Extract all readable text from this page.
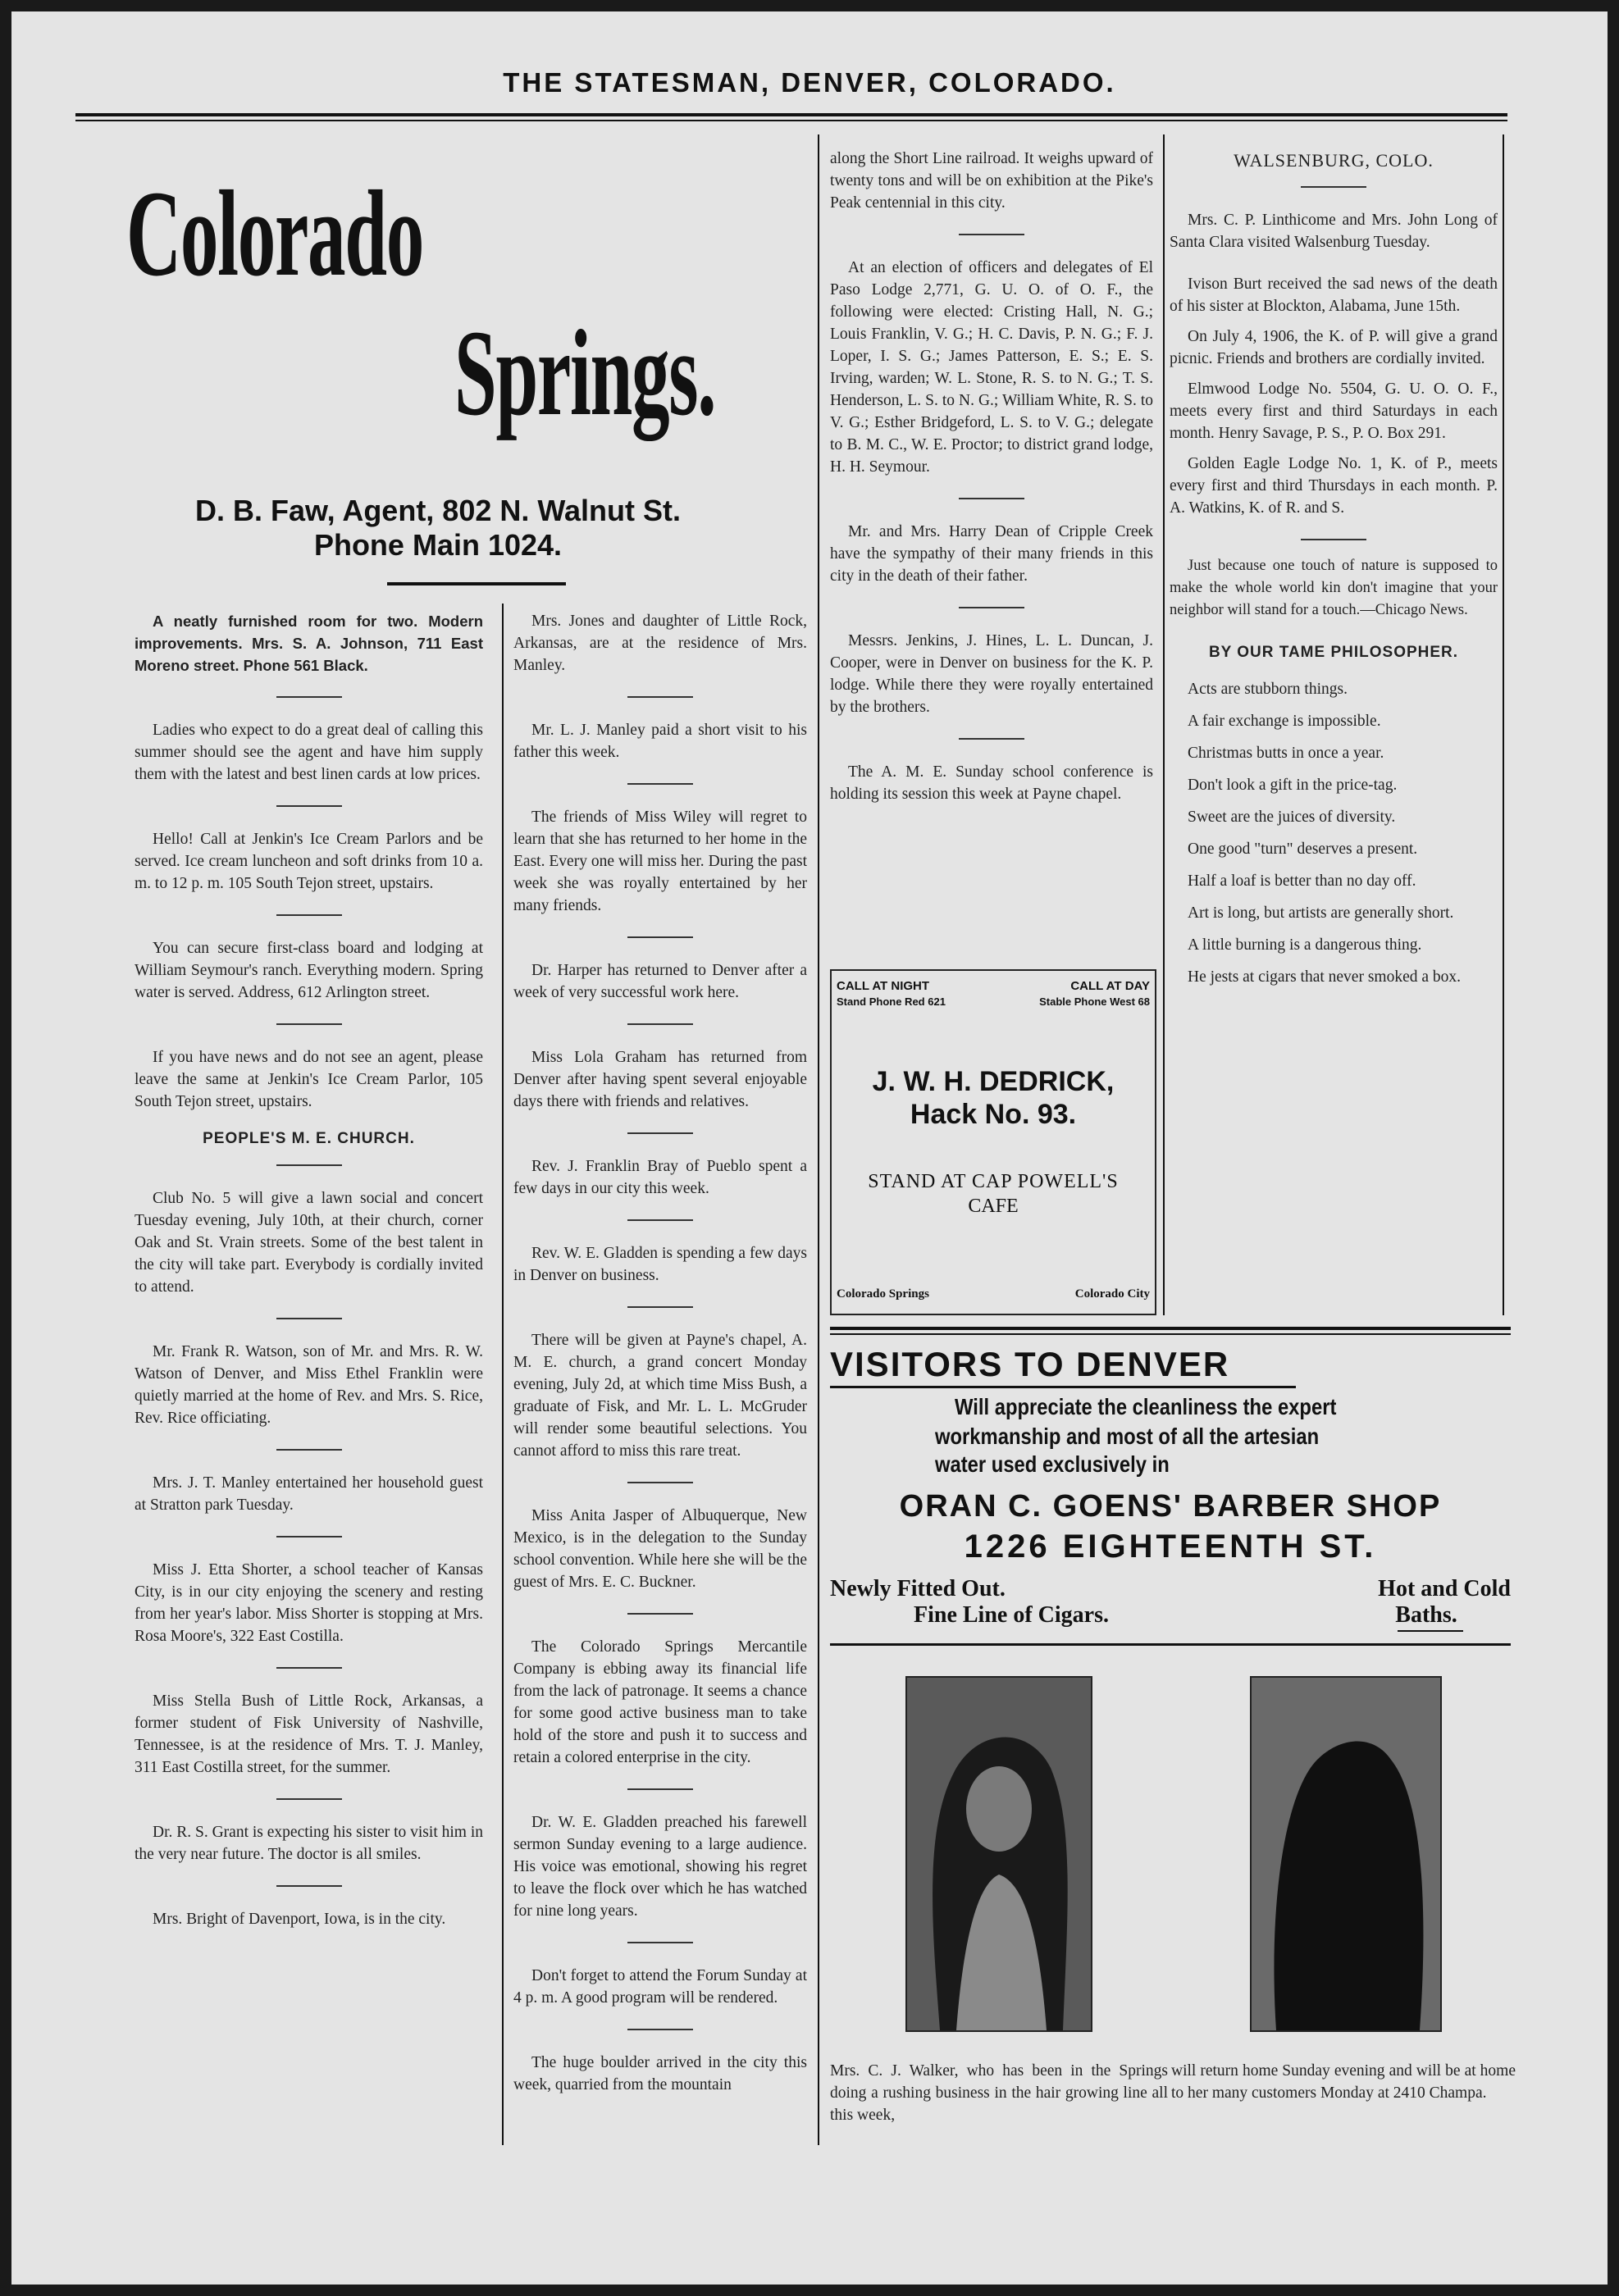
THE STATESMAN, DENVER, COLORADO.
Colorado
Springs.
D. B. Faw, Agent, 802 N. Walnut St.
Phone Main 1024.

A neatly furnished room for two. Modern improvements. Mrs. S. A. Johnson, 711 East Moreno street. Phone 561 Black.

Ladies who expect to do a great deal of calling this summer should see the agent and have him supply them with the latest and best linen cards at low prices.

Hello! Call at Jenkin's Ice Cream Parlors and be served. Ice cream luncheon and soft drinks from 10 a. m. to 12 p. m. 105 South Tejon street, upstairs.

You can secure first-class board and lodging at William Seymour's ranch. Everything modern. Spring water is served. Address, 612 Arlington street.

If you have news and do not see an agent, please leave the same at Jenkin's Ice Cream Parlor, 105 South Tejon street, upstairs.

PEOPLE'S M. E. CHURCH.

Club No. 5 will give a lawn social and concert Tuesday evening, July 10th, at their church, corner Oak and St. Vrain streets. Some of the best talent in the city will take part. Everybody is cordially invited to attend.

Mr. Frank R. Watson, son of Mr. and Mrs. R. W. Watson of Denver, and Miss Ethel Franklin were quietly married at the home of Rev. and Mrs. S. Rice, Rev. Rice officiating.

Mrs. J. T. Manley entertained her household guest at Stratton park Tuesday.

Miss J. Etta Shorter, a school teacher of Kansas City, is in our city enjoying the scenery and resting from her year's labor. Miss Shorter is stopping at Mrs. Rosa Moore's, 322 East Costilla.

Miss Stella Bush of Little Rock, Arkansas, a former student of Fisk University of Nashville, Tennessee, is at the residence of Mrs. T. J. Manley, 311 East Costilla street, for the summer.

Dr. R. S. Grant is expecting his sister to visit him in the very near future. The doctor is all smiles.

Mrs. Bright of Davenport, Iowa, is in the city.

Mrs. Jones and daughter of Little Rock, Arkansas, are at the residence of Mrs. Manley.

Mr. L. J. Manley paid a short visit to his father this week.

The friends of Miss Wiley will regret to learn that she has returned to her home in the East. Every one will miss her. During the past week she was royally entertained by her many friends.

Dr. Harper has returned to Denver after a week of very successful work here.

Miss Lola Graham has returned from Denver after having spent several enjoyable days there with friends and relatives.

Rev. J. Franklin Bray of Pueblo spent a few days in our city this week.

Rev. W. E. Gladden is spending a few days in Denver on business.

There will be given at Payne's chapel, A. M. E. church, a grand concert Monday evening, July 2d, at which time Miss Bush, a graduate of Fisk, and Mr. L. L. McGruder will render some beautiful selections. You cannot afford to miss this rare treat.

Miss Anita Jasper of Albuquerque, New Mexico, is in the delegation to the Sunday school convention. While here she will be the guest of Mrs. E. C. Buckner.

The Colorado Springs Mercantile Company is ebbing away its financial life from the lack of patronage. It seems a chance for some good active business man to take hold of the store and push it to success and retain a colored enterprise in the city.

Dr. W. E. Gladden preached his farewell sermon Sunday evening to a large audience. His voice was emotional, showing his regret to leave the flock over which he has watched for nine long years.

Don't forget to attend the Forum Sunday at 4 p. m. A good program will be rendered.

The huge boulder arrived in the city this week, quarried from the mountain

along the Short Line railroad. It weighs upward of twenty tons and will be on exhibition at the Pike's Peak centennial in this city.

At an election of officers and delegates of El Paso Lodge 2,771, G. U. O. of O. F., the following were elected: Cristing Hall, N. G.; Louis Franklin, V. G.; H. C. Davis, P. N. G.; F. J. Loper, I. S. G.; James Patterson, E. S.; E. S. Irving, warden; W. L. Stone, R. S. to N. G.; T. S. Henderson, L. S. to N. G.; William White, R. S. to V. G.; Esther Bridgeford, L. S. to V. G.; delegate to B. M. C., W. E. Proctor; to district grand lodge, H. H. Seymour.

Mr. and Mrs. Harry Dean of Cripple Creek have the sympathy of their many friends in this city in the death of their father.

Messrs. Jenkins, J. Hines, L. L. Duncan, J. Cooper, were in Denver on business for the K. P. lodge. While there they were royally entertained by the brothers.

The A. M. E. Sunday school conference is holding its session this week at Payne chapel.

CALL AT NIGHT
Stand Phone Red 621
CALL AT DAY
Stable Phone West 68
J. W. H. DEDRICK,
Hack No. 93.
STAND AT CAP POWELL'S
CAFE
Colorado Springs	Colorado City
WALSENBURG, COLO.

Mrs. C. P. Linthicome and Mrs. John Long of Santa Clara visited Walsenburg Tuesday.

Ivison Burt received the sad news of the death of his sister at Blockton, Alabama, June 15th.

On July 4, 1906, the K. of P. will give a grand picnic. Friends and brothers are cordially invited.

Elmwood Lodge No. 5504, G. U. O. O. F., meets every first and third Saturdays in each month. Henry Savage, P. S., P. O. Box 291.

Golden Eagle Lodge No. 1, K. of P., meets every first and third Thursdays in each month. P. A. Watkins, K. of R. and S.

Just because one touch of nature is supposed to make the whole world kin don't imagine that your neighbor will stand for a touch.—Chicago News.

BY OUR TAME PHILOSOPHER.

Acts are stubborn things.

A fair exchange is impossible.

Christmas butts in once a year.

Don't look a gift in the price-tag.

Sweet are the juices of diversity.

One good "turn" deserves a present.

Half a loaf is better than no day off.

Art is long, but artists are generally short.

A little burning is a dangerous thing.

He jests at cigars that never smoked a box.

VISITORS TO DENVER
Will appreciate the cleanliness the expert
workmanship and most of all the artesian
water used exclusively in
ORAN C. GOENS' BARBER SHOP
1226 EIGHTEENTH ST.
Newly Fitted Out.
Fine Line of Cigars.
Hot and Cold
Baths.
Mrs. C. J. Walker, who has been in the Springs doing a rushing business in the hair growing line all this week,
will return home Sunday evening and will be at home to her many customers Monday at 2410 Champa.
